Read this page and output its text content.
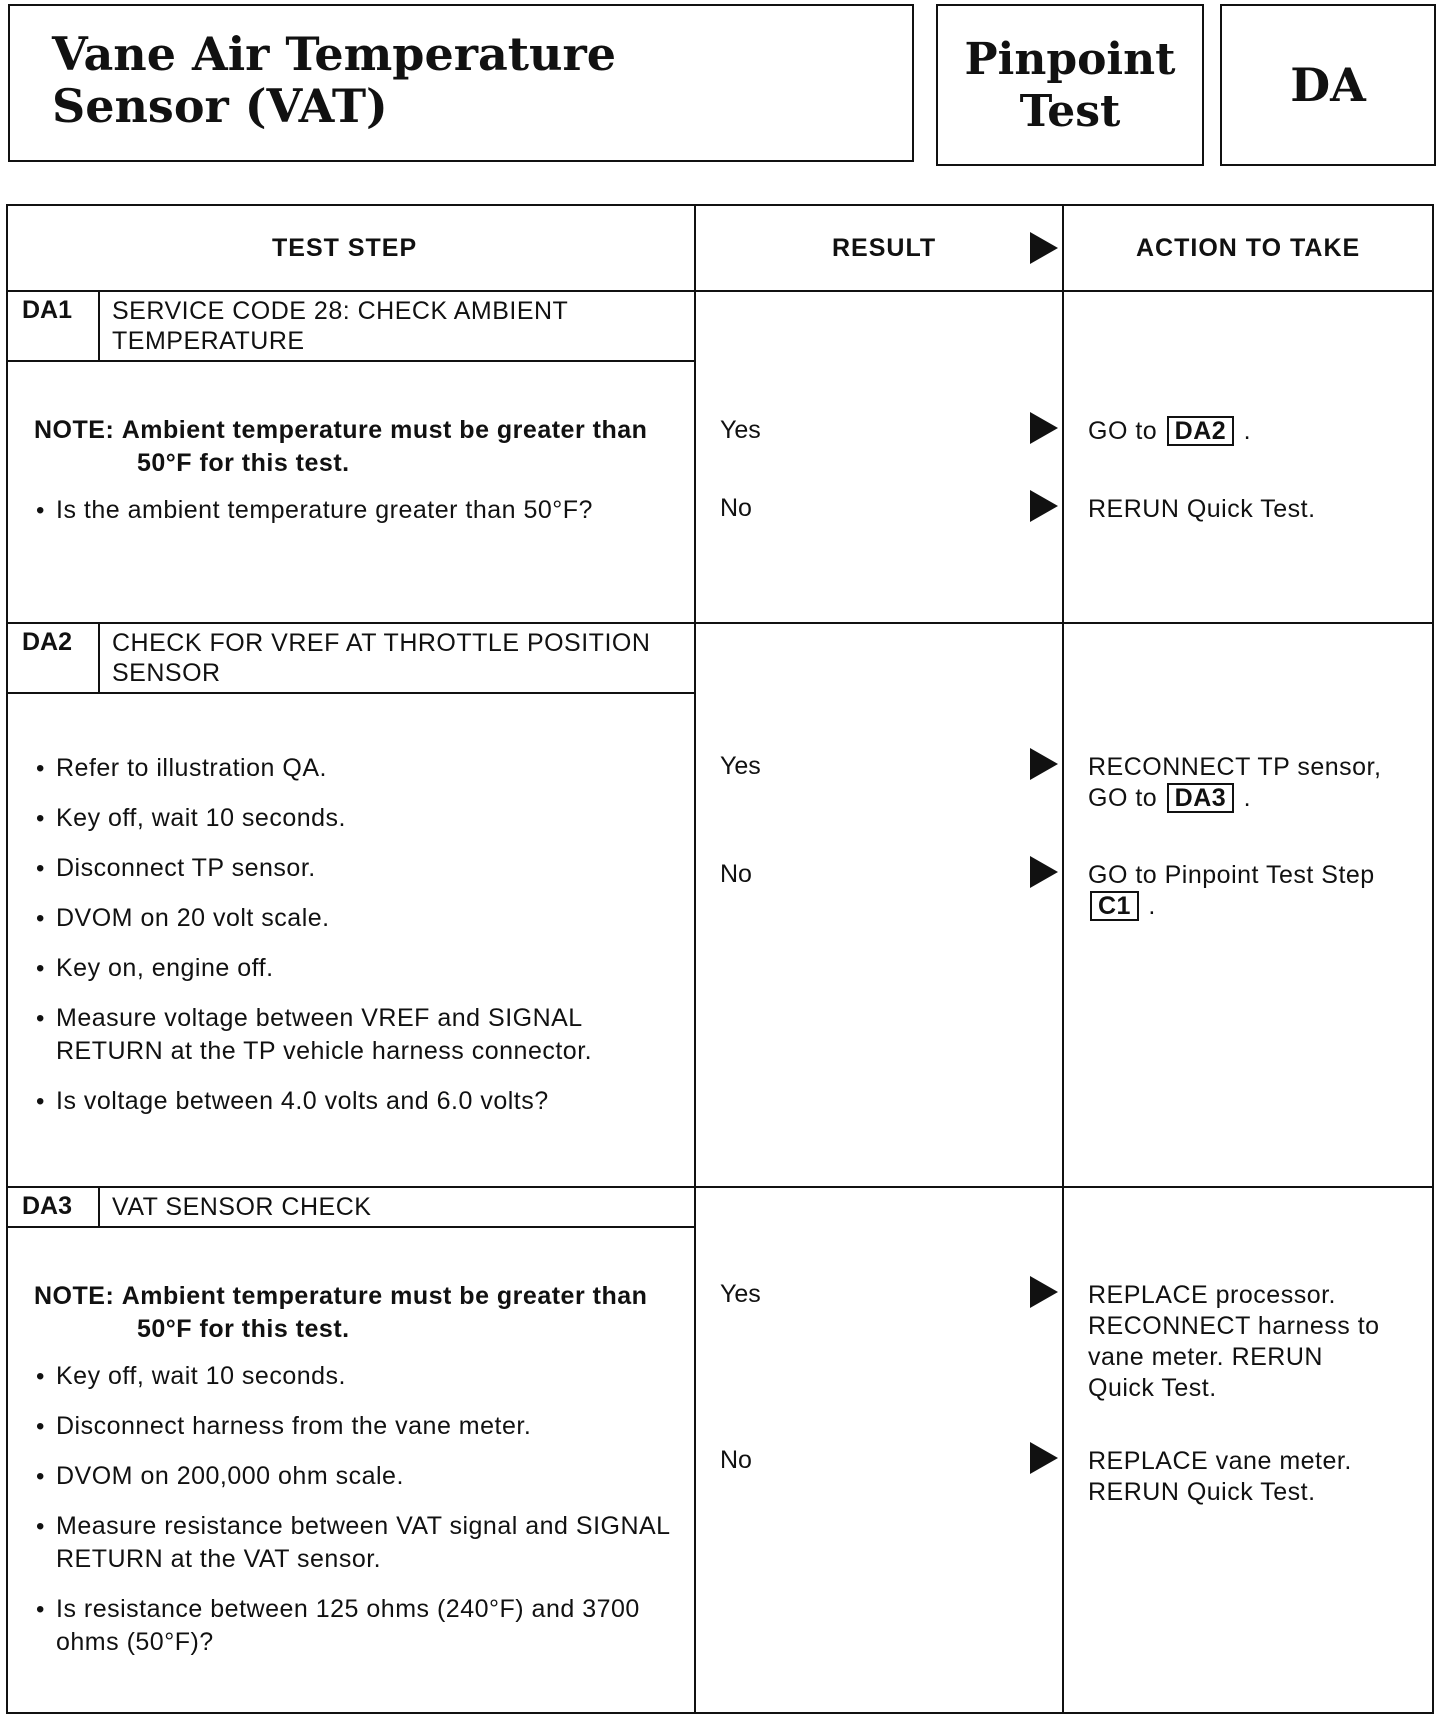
Vane Air Temperature
Sensor (VAT)
Pinpoint
Test	DA
TEST STEP	RESULT	ACTION TO TAKE
DA1 SERVICE CODE 28: CHECK AMBIENT TEMPERATURE
NOTE: Ambient temperature must be greater than 50°F for this test.
• Is the ambient temperature greater than 50°F?
Yes	GO to DA2 .
No	RERUN Quick Test.
DA2 CHECK FOR VREF AT THROTTLE POSITION SENSOR
• Refer to illustration QA.
• Key off, wait 10 seconds.
• Disconnect TP sensor.
• DVOM on 20 volt scale.
• Key on, engine off.
• Measure voltage between VREF and SIGNAL RETURN at the TP vehicle harness connector.
• Is voltage between 4.0 volts and 6.0 volts?
Yes	RECONNECT TP sensor, GO to DA3 .
No	GO to Pinpoint Test Step C1 .
DA3 VAT SENSOR CHECK
NOTE: Ambient temperature must be greater than 50°F for this test.
• Key off, wait 10 seconds.
• Disconnect harness from the vane meter.
• DVOM on 200,000 ohm scale.
• Measure resistance between VAT signal and SIGNAL RETURN at the VAT sensor.
• Is resistance between 125 ohms (240°F) and 3700 ohms (50°F)?
Yes	REPLACE processor. RECONNECT harness to vane meter. RERUN Quick Test.
No	REPLACE vane meter. RERUN Quick Test.
